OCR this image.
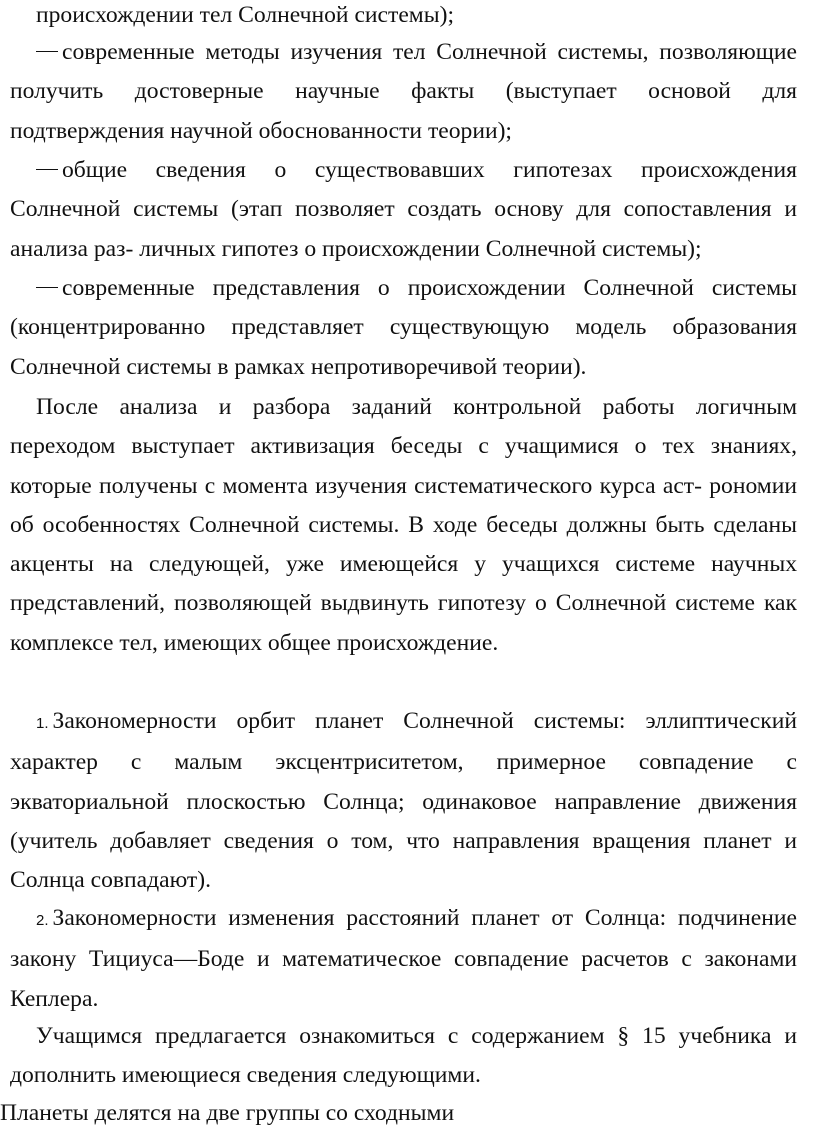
происхождении тел Солнечной системы);

современные методы изучения тел Солнечной системы, позволяющие получить достоверные научные факты (выступает основой для подтверждения научной обоснованности теории);

общие сведения о существовавших гипотезах происхождения Солнечной системы (этап позволяет создать основу для сопоставления и анализа раз- личных гипотез о происхождении Солнечной системы);

современные представления о происхождении Солнечной системы (концентрированно представляет существующую модель образования Солнечной системы в рамках непротиворечивой теории).

После анализа и разбора заданий контрольной работы логичным переходом выступает активизация беседы с учащимися о тех знаниях, которые получены с момента изучения систематического курса аст- рономии об особенностях Солнечной системы. В ходе беседы должны быть сделаны акценты на следующей, уже имеющейся у учащихся системе научных представлений, позволяющей выдвинуть гипотезу о Солнечной системе как комплексе тел, имеющих общее происхождение.

1. Закономерности орбит планет Солнечной системы: эллиптический характер с малым эксцентриситетом, примерное совпадение с экваториальной плоскостью Солнца; одинаковое направление движения (учитель добавляет сведения о том, что направления вращения планет и Солнца совпадают).

2. Закономерности изменения расстояний планет от Солнца: подчинение закону Тициуса—Боде и математическое совпадение расчетов с законами Кеплера.

Учащимся предлагается ознакомиться с содержанием § 15 учебника и дополнить имеющиеся сведения следующими.

Планеты делятся на две группы со сходными
